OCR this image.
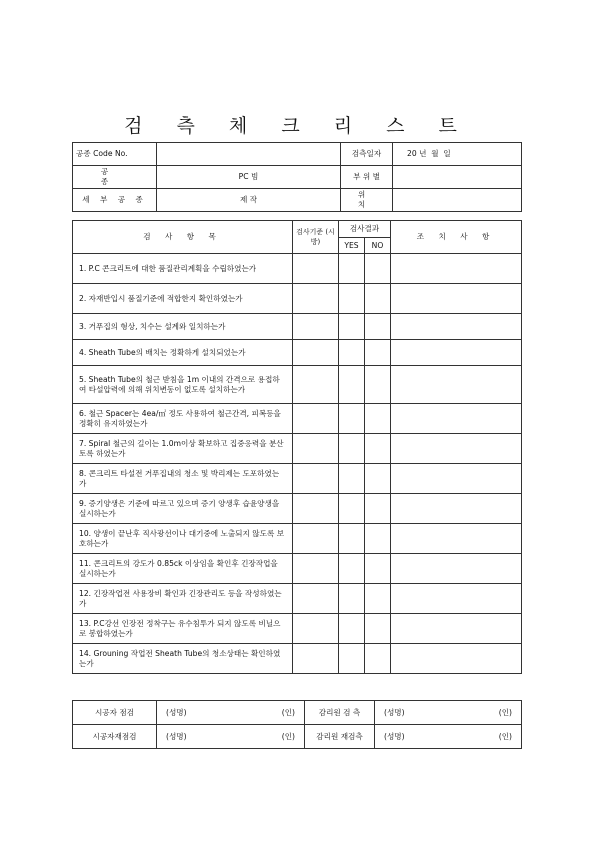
검 측 체 크 리 스 트
공종 Code No.		검측일자	20 년  월  일
공 종	PC 빔	부 위 별	
세 부 공 종	제 작	위 치	
검 사 항 목	검사기준 (시방)	검사결과		조 치 사 항
		YES	NO	
1. P.C 콘크리트에 대한 품질관리계획을 수립하였는가				
2. 자재반입시 품질기준에 적합한지 확인하였는가				
3. 거푸집의 형상, 치수는 설계와 일치하는가				
4. Sheath Tube의 배치는 정확하게 설치되었는가				
5. Sheath Tube의 철근 받침을 1m 이내의 간격으로 용접하여 타설압력에 의해 위치변동이 없도록 설치하는가				
6. 철근 Spacer는 4ea/㎡ 정도 사용하여 철근간격, 피복등을 정확히 유지하였는가				
7. Spiral 철근의 길이는 1.0m이상 확보하고 집중응력을 분산토록 하였는가				
8. 콘크리트 타설전 거푸집내의 청소 및 박리제는 도포하였는가				
9. 증기양생은 기준에 따르고 있으며 증기 양생후 습윤양생을 실시하는가				
10. 양생이 끝난후 직사광선이나 대기중에 노출되지 않도록 보호하는가				
11. 콘크리트의 강도가 0.85ck 이상임을 확인후 긴장작업을 실시하는가				
12. 긴장작업전 사용장비 확인과 긴장관리도 등을 작성하였는가				
13. P.C강선 인장전 정착구는 유수침투가 되지 않도록 비닐으로 봉합하였는가				
14. Grouning 작업전 Sheath Tube의 청소상태는 확인하였는가				
시공자 점검	(성명) (인)	감리원 검 측	(성명) (인)

시공자재점검	(성명) (인)	감리원 재검측	(성명) (인)
